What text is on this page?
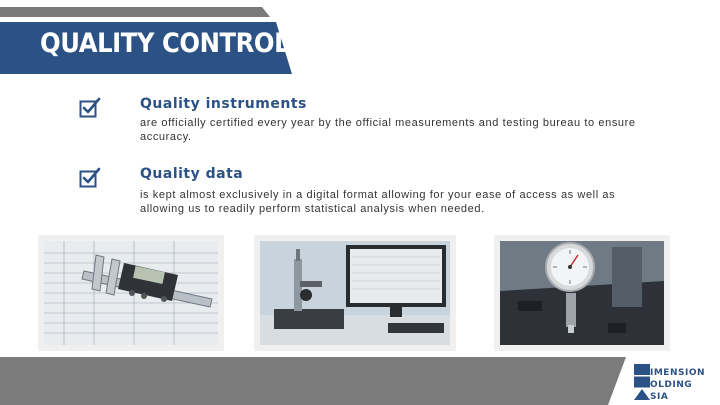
QUALITY CONTROL
Quality instruments
are officially certified every year by the official measurements and testing bureau to ensure accuracy.
Quality data
is kept almost exclusively in a digital format allowing for your ease of access as well as allowing us to readily perform statistical analysis when needed.
IMENSION
OLDING
SIA
